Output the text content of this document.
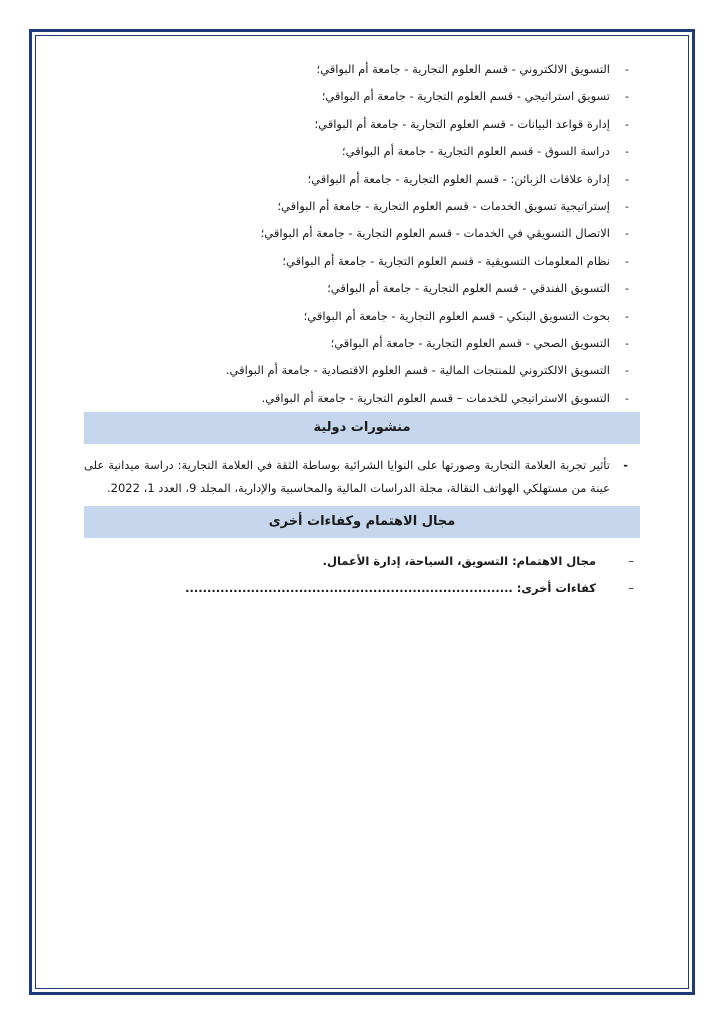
-
التسويق الالكتروني - قسم العلوم التجارية - جامعة أم البواقي؛
-
تسويق استراتيجي - قسم العلوم التجارية - جامعة أم البواقي؛
-
إدارة قواعد البيانات - قسم العلوم التجارية - جامعة أم البواقي؛
-
دراسة السوق - قسم العلوم التجارية - جامعة أم البواقي؛
-
إدارة علاقات الزبائن: - قسم العلوم التجارية - جامعة أم البواقي؛
-
إستراتيجية تسويق الخدمات - قسم العلوم التجارية - جامعة أم البواقي؛
-
الاتصال التسويقي في الخدمات - قسم العلوم التجارية - جامعة أم البواقي؛
-
نظام المعلومات التسويقية - قسم العلوم التجارية - جامعة أم البواقي؛
-
التسويق الفندقي - قسم العلوم التجارية - جامعة أم البواقي؛
-
بحوث التسويق البنكي - قسم العلوم التجارية - جامعة أم البواقي؛
-
التسويق الصحي - قسم العلوم التجارية - جامعة أم البواقي؛
-
التسويق الالكتروني للمنتجات المالية - قسم العلوم الاقتصادية - جامعة أم البواقي.
-
التسويق الاستراتيجي للخدمات – قسم العلوم التجارية - جامعة أم البواقي.
منشورات دولية
-
تأثير تجربة العلامة التجارية وصورتها على النوايا الشرائية بوساطة الثقة في العلامة التجارية: دراسة ميدانية على عينة من مستهلكي الهواتف النقالة، مجلة الدراسات المالية والمحاسبية والإدارية، المجلد 9، العدد 1، 2022.
مجال الاهتمام وكفاءات أخرى
–
مجال الاهتمام: التسويق، السياحة، إدارة الأعمال.
–
كفاءات أخرى: ...........................................................................
